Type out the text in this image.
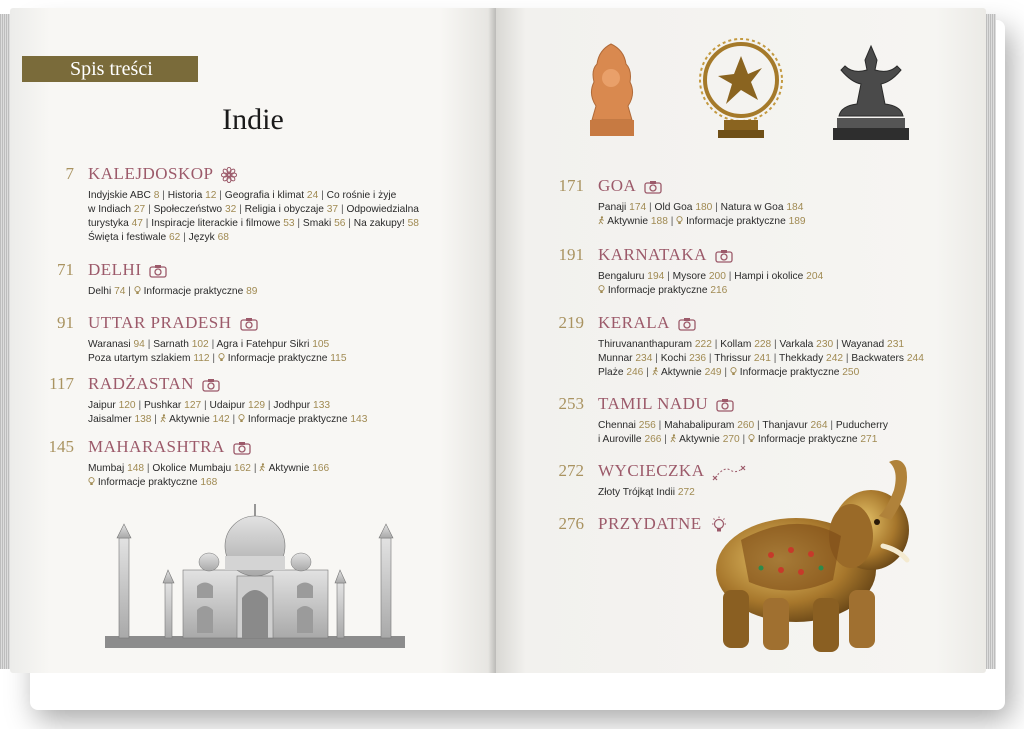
Spis treści
Indie
7 KALEJDOSKOP
Indyjskie ABC 8 | Historia 12 | Geografia i klimat 24 | Co rośnie i żyje
w Indiach 27 | Społeczeństwo 32 | Religia i obyczaje 37 | Odpowiedzialna
turystyka 47 | Inspiracje literackie i filmowe 53 | Smaki 56 | Na zakupy! 58
Święta i festiwale 62 | Język 68
71 DELHI
Delhi 74 | Informacje praktyczne 89
91 UTTAR PRADESH
Waranasi 94 | Sarnath 102 | Agra i Fatehpur Sikri 105
Poza utartym szlakiem 112 | Informacje praktyczne 115
117 RADŻASTAN
Jaipur 120 | Pushkar 127 | Udaipur 129 | Jodhpur 133
Jaisalmer 138 | Aktywnie 142 | Informacje praktyczne 143
145 MAHARASHTRA
Mumbaj 148 | Okolice Mumbaju 162 | Aktywnie 166
Informacje praktyczne 168
171 GOA
Panaji 174 | Old Goa 180 | Natura w Goa 184
Aktywnie 188 | Informacje praktyczne 189
191 KARNATAKA
Bengaluru 194 | Mysore 200 | Hampi i okolice 204
Informacje praktyczne 216
219 KERALA
Thiruvananthapuram 222 | Kollam 228 | Varkala 230 | Wayanad 231
Munnar 234 | Kochi 236 | Thrissur 241 | Thekkady 242 | Backwaters 244
Plaże 246 | Aktywnie 249 | Informacje praktyczne 250
253 TAMIL NADU
Chennai 256 | Mahabalipuram 260 | Thanjavur 264 | Puducherry
i Auroville 266 | Aktywnie 270 | Informacje praktyczne 271
272 WYCIECZKA
Złoty Trójkąt Indii 272
276 PRZYDATNE
